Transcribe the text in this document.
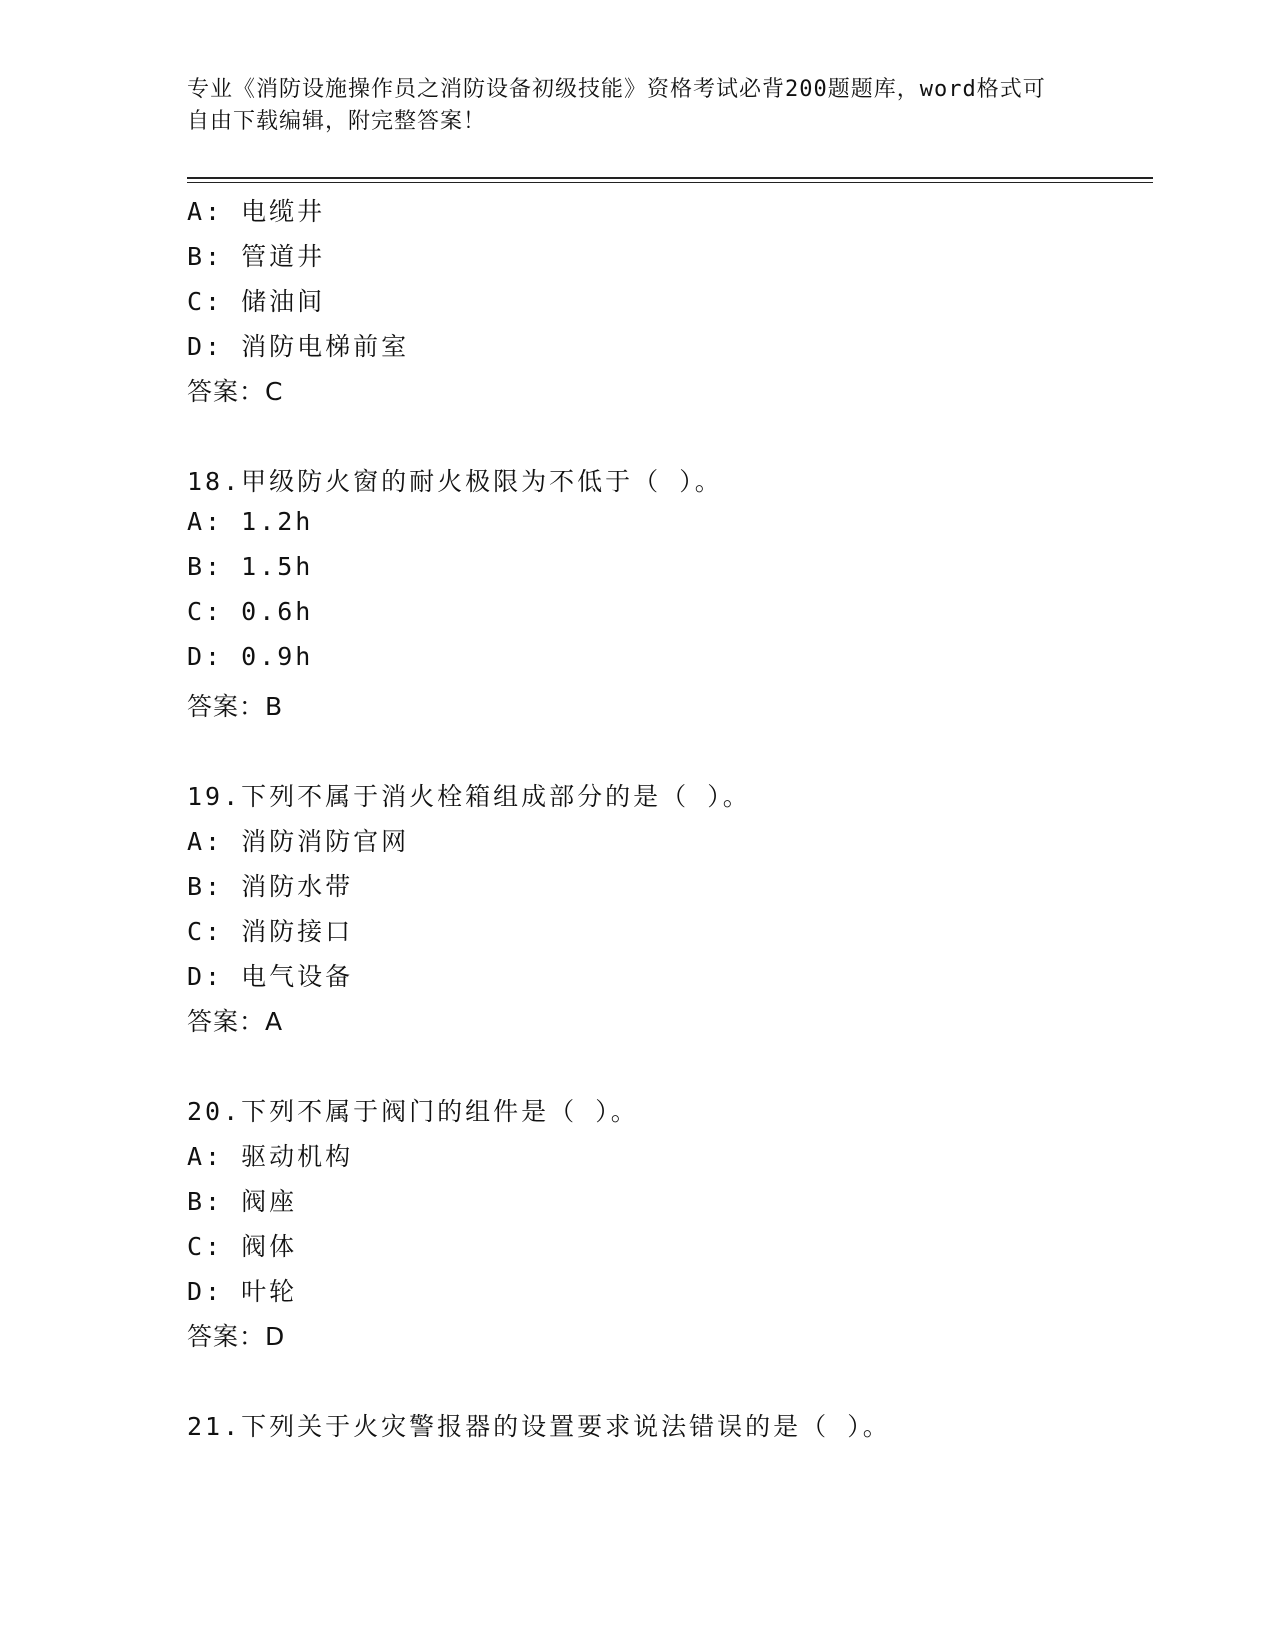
专业《消防设施操作员之消防设备初级技能》资格考试必背200题题库，word格式可自由下载编辑，附完整答案！
A: 电缆井
B: 管道井
C: 储油间
D: 消防电梯前室
答案：C
18.甲级防火窗的耐火极限为不低于（ ）。
A: 1.2h
B: 1.5h
C: 0.6h
D: 0.9h
答案：B
19.下列不属于消火栓箱组成部分的是（ ）。
A: 消防消防官网
B: 消防水带
C: 消防接口
D: 电气设备
答案：A
20.下列不属于阀门的组件是（ ）。
A: 驱动机构
B: 阀座
C: 阀体
D: 叶轮
答案：D
21.下列关于火灾警报器的设置要求说法错误的是（ ）。
